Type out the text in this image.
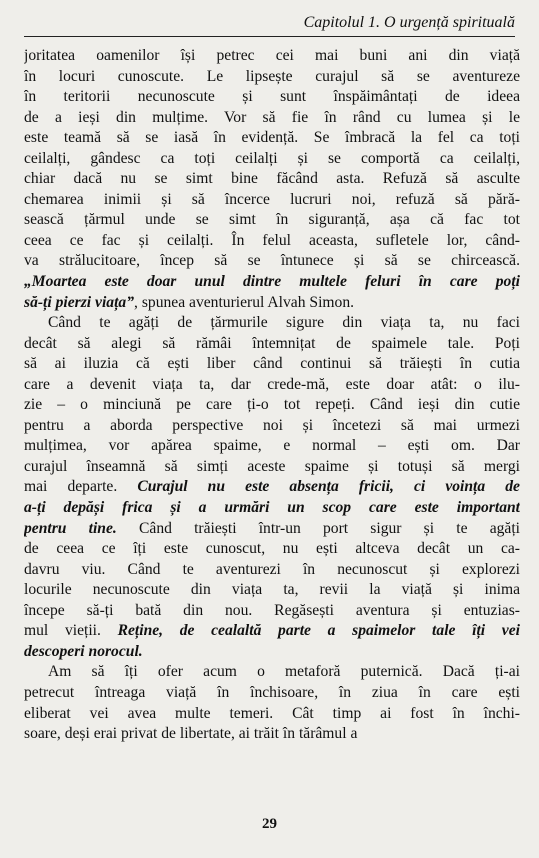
Capitolul 1. O urgență spirituală
joritatea oamenilor își petrec cei mai buni ani din viață
în locuri cunoscute. Le lipsește curajul să se aventureze
în teritorii necunoscute și sunt înspăimântați de ideea
de a ieși din mulțime. Vor să fie în rând cu lumea și le
este teamă să se iasă în evidență. Se îmbracă la fel ca toți
ceilalți, gândesc ca toți ceilalți și se comportă ca ceilalți,
chiar dacă nu se simt bine făcând asta. Refuză să asculte
chemarea inimii și să încerce lucruri noi, refuză să pără-
sească țărmul unde se simt în siguranță, așa că fac tot
ceea ce fac și ceilalți. În felul aceasta, sufletele lor, când-
va strălucitoare, încep să se întunece și să se chircească.
„Moartea este doar unul dintre multele feluri în care poți
să-ți pierzi viața”, spunea aventurierul Alvah Simon.
Când te agăți de țărmurile sigure din viața ta, nu faci
decât să alegi să rămâi întemnițat de spaimele tale. Poți
să ai iluzia că ești liber când continui să trăiești în cutia
care a devenit viața ta, dar crede-mă, este doar atât: o ilu-
zie – o minciună pe care ți-o tot repeți. Când ieși din cutie
pentru a aborda perspective noi și încetezi să mai urmezi
mulțimea, vor apărea spaime, e normal – ești om. Dar
curajul înseamnă să simți aceste spaime și totuși să mergi
mai departe. Curajul nu este absența fricii, ci voința de
a-ți depăși frica și a urmări un scop care este important
pentru tine. Când trăiești într-un port sigur și te agăți
de ceea ce îți este cunoscut, nu ești altceva decât un ca-
davru viu. Când te aventurezi în necunoscut și explorezi
locurile necunoscute din viața ta, revii la viață și inima
începe să-ți bată din nou. Regăsești aventura și entuzias-
mul vieții. Reține, de cealaltă parte a spaimelor tale îți vei
descoperi norocul.
Am să îți ofer acum o metaforă puternică. Dacă ți-ai
petrecut întreaga viață în închisoare, în ziua în care ești
eliberat vei avea multe temeri. Cât timp ai fost în închi-
soare, deși erai privat de libertate, ai trăit în tărâmul a
29
